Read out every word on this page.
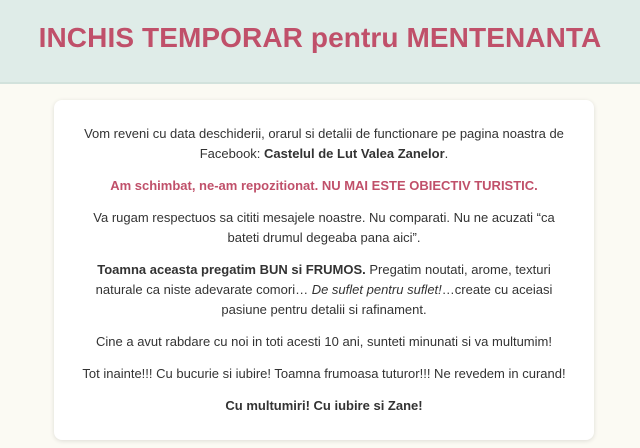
INCHIS TEMPORAR pentru MENTENANTA

Vom reveni cu data deschiderii, orarul si detalii de functionare pe pagina noastra de Facebook: Castelul de Lut Valea Zanelor.

Am schimbat, ne-am repozitionat. NU MAI ESTE OBIECTIV TURISTIC.

Va rugam respectuos sa cititi mesajele noastre. Nu comparati. Nu ne acuzati “ca bateti drumul degeaba pana aici”.

Toamna aceasta pregatim BUN si FRUMOS. Pregatim noutati, arome, texturi naturale ca niste adevarate comori… De suflet pentru suflet!…create cu aceiasi pasiune pentru detalii si rafinament.

Cine a avut rabdare cu noi in toti acesti 10 ani, sunteti minunati si va multumim!

Tot inainte!!! Cu bucurie si iubire! Toamna frumoasa tuturor!!! Ne revedem in curand!

Cu multumiri! Cu iubire si Zane!
